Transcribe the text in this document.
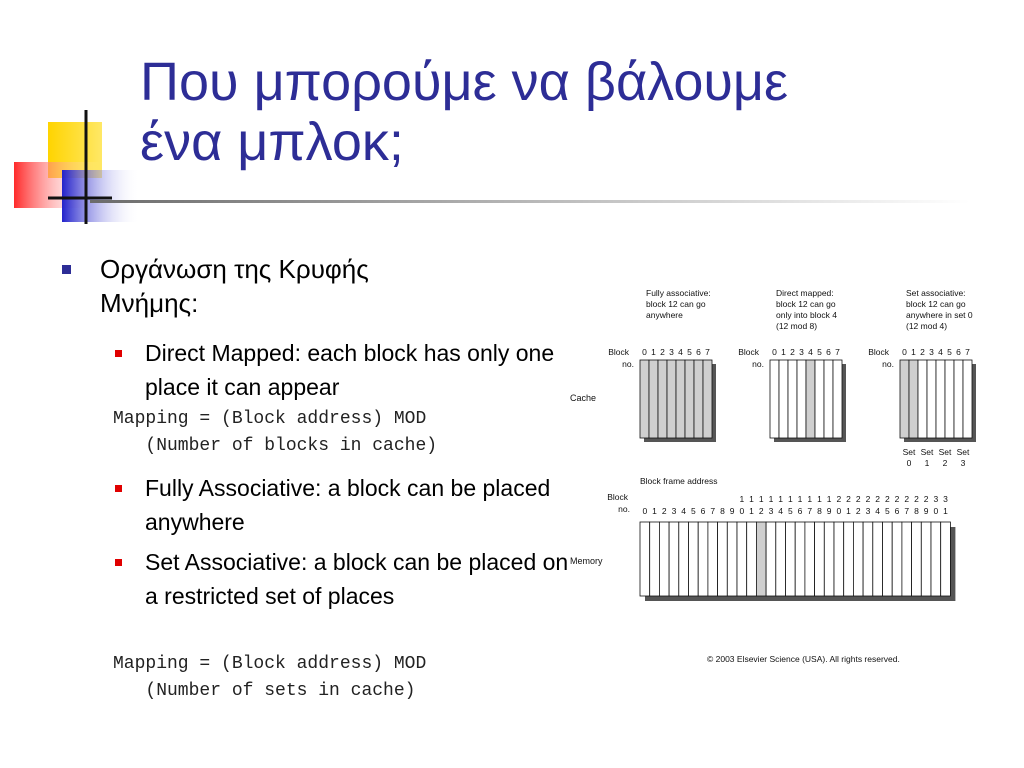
Που μπορούμε να βάλουμε
ένα μπλοκ;
Οργάνωση της Κρυφής Μνήμης:
Direct Mapped: each block has only one place it can appear
Mapping = (Block address) MOD
(Number of blocks in cache)
Fully Associative: a block can be placed anywhere
Set Associative: a block can be placed on a restricted set of places
Mapping = (Block address) MOD
(Number of sets in cache)
Cache
Fully associative:
block 12 can go
anywhere
Block
no.
0 1 2 3 4 5 6 7
Direct mapped:
block 12 can go
only into block 4
(12 mod 8)
Block
no.
0 1 2 3 4 5 6 7
Set associative:
block 12 can go
anywhere in set 0
(12 mod 4)
Block
no.
0 1 2 3 4 5 6 7
Set
0
Set
1
Set
2
Set
3
Block frame address
Block
no.
Memory
0 1 2 3 4 5 6 7 8 9
1
0
1
1
1
2
1
3
1
4
1
5
1
6
1
7
1
8
1
9
2
0
2
1
2
2
2
3
2
4
2
5
2
6
2
7
2
8
2
9
3
0
3
1
© 2003 Elsevier Science (USA). All rights reserved.
